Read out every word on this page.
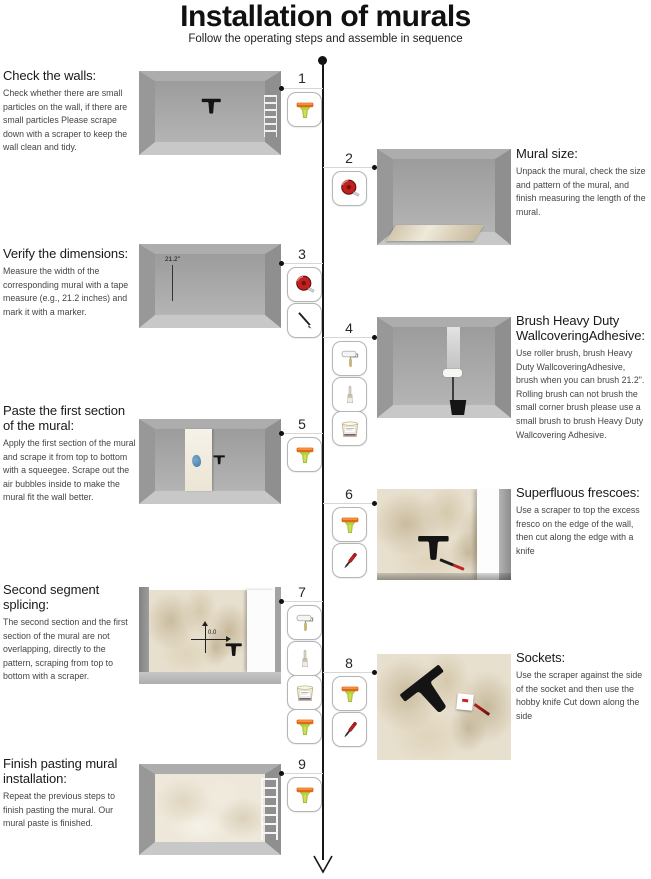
Installation of murals
Follow the operating steps and assemble in sequence
Check the walls:

Check whether there are small particles on the wall, if there are small particles Please scrape down with a scraper to keep the wall clean and tidy.

1
2	Mural size:

Unpack the mural, check the size and pattern of the mural, and finish measuring the length of the mural.

Verify the dimensions:

Measure the width of the corresponding mural with a tape measure (e.g., 21.2 inches) and mark it with a marker.

21.2"	3
4	Brush Heavy Duty WallcoveringAdhesive:

Use roller brush, brush Heavy Duty WallcoveringAdhesive, brush when you can brush 21.2". Rolling brush can not brush the small corner brush please use a small brush to brush Heavy Duty Wallcovering Adhesive.

Paste the first section of the mural:

Apply the first section of the mural and scrape it from top to bottom with a squeegee. Scrape out the air bubbles inside to make the mural fit the wall better.

5
6	Superfluous frescoes:

Use a scraper to top the excess fresco on the edge of the wall, then cut along the edge with a knife

Second segment splicing:

The second section and the first section of the mural are not overlapping, directly to the pattern, scraping from top to bottom with a scraper.

0.0
7
8	Sockets:

Use the scraper against the side of the socket and then use the hobby knife Cut down along the side

Finish pasting mural installation:

Repeat the previous steps to finish pasting the mural. Our mural paste is finished.

9
